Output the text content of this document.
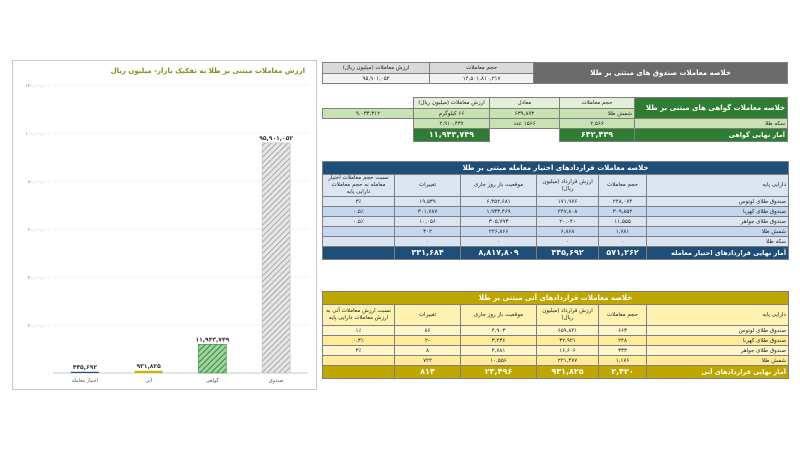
ارزش معاملات مبتنی بر طلا به تفکیک بازار- میلیون ریال
۰
۲۰,۰۰۰,۰۰۰
۴۰,۰۰۰,۰۰۰
۶۰,۰۰۰,۰۰۰
۸۰,۰۰۰,۰۰۰
۱۰۰,۰۰۰,۰۰۰
۱۲۰,۰۰۰,۰۰۰
۹۵,۹۰۱,۰۵۲
صندوق
۱۱,۹۴۳,۷۴۹
گواهی
۹۳۱,۸۲۵
آتی
۴۴۵,۶۹۲
اختیار معامله
خلاصه معاملات صندوق های مبتنی بر طلا	حجم معاملات	ارزش معاملات (میلیون ریال)
	۱۴,۵۰۱,۸۱۰,۲۱۷	۹۵,۹۰۱,۰۵۲
خلاصه معاملات گواهی های مبتنی بر طلا	حجم معاملات	معادل	ارزش معاملات (میلیون ریال)	
	شمش طلا	۶۳۹,۸۷۳	۶۶ کیلوگرم	۹,۰۳۳,۳۱۲
سکه طلا	۲,۵۶۶	۱۵۶۶ عدد	۲,۹۱۰,۴۳۷	
آمار نهایی گواهی	۶۴۲,۴۳۹		۱۱,۹۴۳,۷۴۹	
خلاصه معاملات قراردادهای اختیار معامله مبتنی بر طلا					
دارایی پایه	حجم معاملات	ارزش قرارداد (میلیون ریال)	موقعیت باز روز جاری	تغییرات	نسبت حجم معاملات اختیار معامله به حجم معاملات دارایی پایه
صندوق طلای لوتوس	۲۴۸,۰۷۴	۱۷۱,۹۷۶	۶,۳۵۲,۶۸۱	۱۹,۵۳۹	۳٪
صندوق طلای کهربا	۳۰۹,۸۵۲	۲۴۷,۸۰۸	۱,۹۳۳,۴۶۹	۳۰۱,۷۸۷	۰.۵٪
صندوق طلای جواهر	۱۱,۵۵۵	۲۰,۰۴۰	۳۰۵,۷۹۳	۱۰,۰۵۶	۰.۵٪
شمش طلا	۱,۷۸۱	۶,۸۶۸	۲۲۶,۸۶۶	۳۰۲	
سکه طلا	۰	۰	۰	۰	
آمار نهایی قراردادهای اختیار معامله	۵۷۱,۲۶۲	۴۴۵,۶۹۲	۸,۸۱۷,۸۰۹	۳۳۱,۶۸۴	
خلاصه معاملات قراردادهای آتی مبتنی بر طلا					
دارایی پایه	حجم معاملات	ارزش قرارداد (میلیون ریال)	موقعیت باز روز جاری	تغییرات	نسبت ارزش معاملات آتی به ارزش معاملات دارایی پایه
صندوق طلای لوتوس	۶۶۳	۶۵۹,۸۲۱	۴,۹۰۳	۸۶	۱٪
صندوق طلای کهربا	۲۴۸	۳۲,۹۲۱	۳,۲۳۶	-۲	۰.۳٪
صندوق طلای جواهر	۳۳۳	۱۶,۶۰۶	۴,۷۸۱	۸	۳٪
شمش طلا	۱,۱۷۶	۲۲۱,۴۷۷	۱۰,۵۵۶	۷۲۲	
آمار نهایی قراردادهای آتی	۲,۴۲۰	۹۳۱,۸۲۵	۲۳,۴۹۶	۸۱۴	
